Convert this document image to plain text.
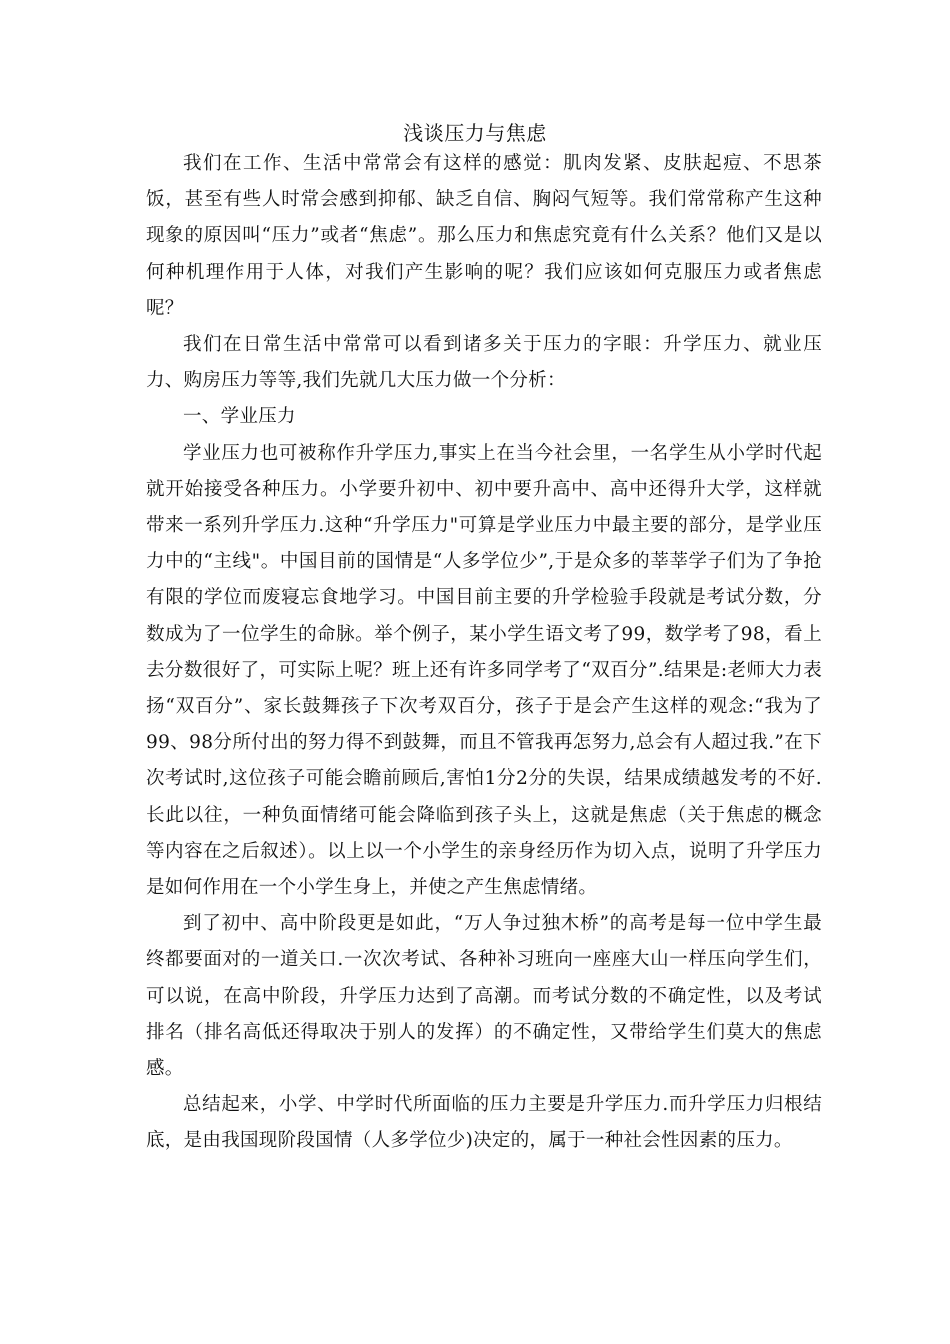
浅谈压力与焦虑

我们在工作、生活中常常会有这样的感觉：肌肉发紧、皮肤起痘、不思茶饭，甚至有些人时常会感到抑郁、缺乏自信、胸闷气短等。我们常常称产生这种现象的原因叫“压力”或者“焦虑”。那么压力和焦虑究竟有什么关系？他们又是以何种机理作用于人体，对我们产生影响的呢？我们应该如何克服压力或者焦虑呢？

我们在日常生活中常常可以看到诸多关于压力的字眼：升学压力、就业压力、购房压力等等,我们先就几大压力做一个分析：

一、学业压力

学业压力也可被称作升学压力,事实上在当今社会里，一名学生从小学时代起就开始接受各种压力。小学要升初中、初中要升高中、高中还得升大学，这样就带来一系列升学压力.这种“升学压力"可算是学业压力中最主要的部分，是学业压力中的“主线"。中国目前的国情是“人多学位少”,于是众多的莘莘学子们为了争抢有限的学位而废寝忘食地学习。中国目前主要的升学检验手段就是考试分数，分数成为了一位学生的命脉。举个例子，某小学生语文考了99，数学考了98，看上去分数很好了，可实际上呢？班上还有许多同学考了“双百分”.结果是:老师大力表扬“双百分”、家长鼓舞孩子下次考双百分，孩子于是会产生这样的观念:“我为了99、98分所付出的努力得不到鼓舞，而且不管我再怎努力,总会有人超过我.”在下次考试时,这位孩子可能会瞻前顾后,害怕1分2分的失误，结果成绩越发考的不好.长此以往，一种负面情绪可能会降临到孩子头上，这就是焦虑（关于焦虑的概念等内容在之后叙述）。以上以一个小学生的亲身经历作为切入点，说明了升学压力是如何作用在一个小学生身上，并使之产生焦虑情绪。

到了初中、高中阶段更是如此，“万人争过独木桥”的高考是每一位中学生最终都要面对的一道关口.一次次考试、各种补习班向一座座大山一样压向学生们，可以说，在高中阶段，升学压力达到了高潮。而考试分数的不确定性，以及考试排名（排名高低还得取决于别人的发挥）的不确定性，又带给学生们莫大的焦虑感。

总结起来，小学、中学时代所面临的压力主要是升学压力.而升学压力归根结底，是由我国现阶段国情（人多学位少)决定的，属于一种社会性因素的压力。
